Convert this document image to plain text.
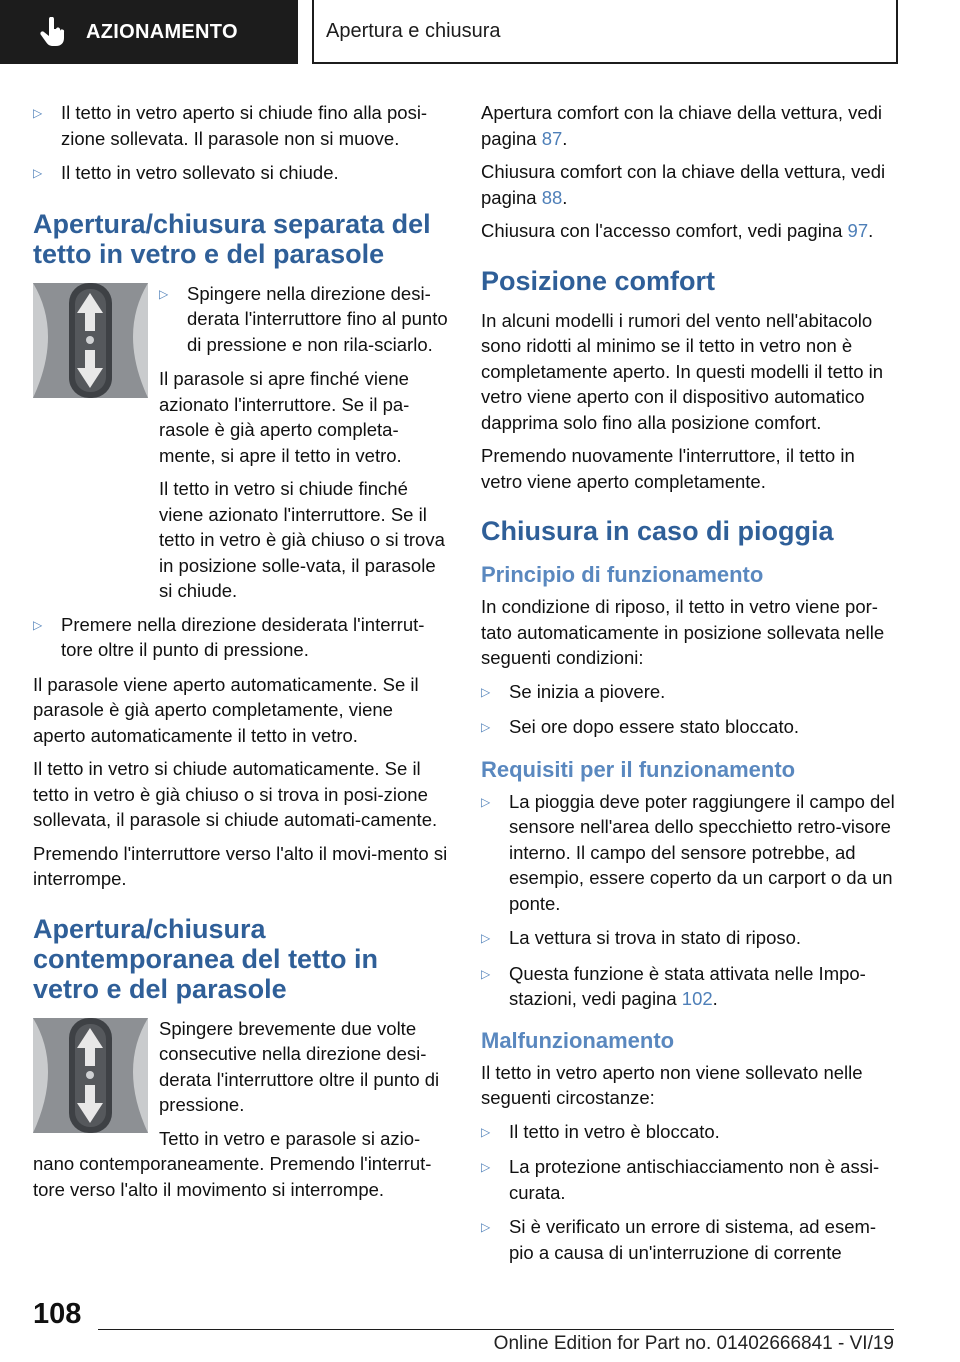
AZIONAMENTO	Apertura e chiusura
▷	Il tetto in vetro aperto si chiude fino alla posi-zione sollevata. Il parasole non si muove.
▷	Il tetto in vetro sollevato si chiude.
Apertura/chiusura separata del tetto in vetro e del parasole
▷	Spingere nella direzione desi-derata l'interruttore fino al punto di pressione e non rila-sciarlo.

Il parasole si apre finché viene azionato l'interruttore. Se il pa-rasole è già aperto completa-mente, si apre il tetto in vetro.

Il tetto in vetro si chiude finché viene azionato l'interruttore. Se il tetto in vetro è già chiuso o si trova in posizione solle-vata, il parasole si chiude.

▷	Premere nella direzione desiderata l'interrut-tore oltre il punto di pressione.

Il parasole viene aperto automaticamente. Se il parasole è già aperto completamente, viene aperto automaticamente il tetto in vetro.

Il tetto in vetro si chiude automaticamente. Se il tetto in vetro è già chiuso o si trova in posi-zione sollevata, il parasole si chiude automati-camente.

Premendo l'interruttore verso l'alto il movi-mento si interrompe.

Apertura/chiusura contemporanea del tetto in vetro e del parasole

Spingere brevemente due volte consecutive nella direzione desi-derata l'interruttore oltre il punto di pressione.

Tetto in vetro e parasole si azio-nano contemporaneamente. Premendo l'interrut-tore verso l'alto il movimento si interrompe.

Apertura comfort con la chiave della vettura, vedi pagina 87.

Chiusura comfort con la chiave della vettura, vedi pagina 88.

Chiusura con l'accesso comfort, vedi pagina 97.

Posizione comfort

In alcuni modelli i rumori del vento nell'abitacolo sono ridotti al minimo se il tetto in vetro non è completamente aperto. In questi modelli il tetto in vetro viene aperto con il dispositivo automatico dapprima solo fino alla posizione comfort.

Premendo nuovamente l'interruttore, il tetto in vetro viene aperto completamente.

Chiusura in caso di pioggia
Principio di funzionamento

In condizione di riposo, il tetto in vetro viene por-tato automaticamente in posizione sollevata nelle seguenti condizioni:

▷	Se inizia a piovere.
▷	Sei ore dopo essere stato bloccato.
Requisiti per il funzionamento
▷	La pioggia deve poter raggiungere il campo del sensore nell'area dello specchietto retro-visore interno. Il campo del sensore potrebbe, ad esempio, essere coperto da un carport o da un ponte.
▷	La vettura si trova in stato di riposo.
▷	Questa funzione è stata attivata nelle Impo-stazioni, vedi pagina 102.
Malfunzionamento

Il tetto in vetro aperto non viene sollevato nelle seguenti circostanze:

▷	Il tetto in vetro è bloccato.
▷	La protezione antischiacciamento non è assi-curata.
▷	Si è verificato un errore di sistema, ad esem-pio a causa di un'interruzione di corrente
108
Online Edition for Part no. 01402666841 - VI/19
